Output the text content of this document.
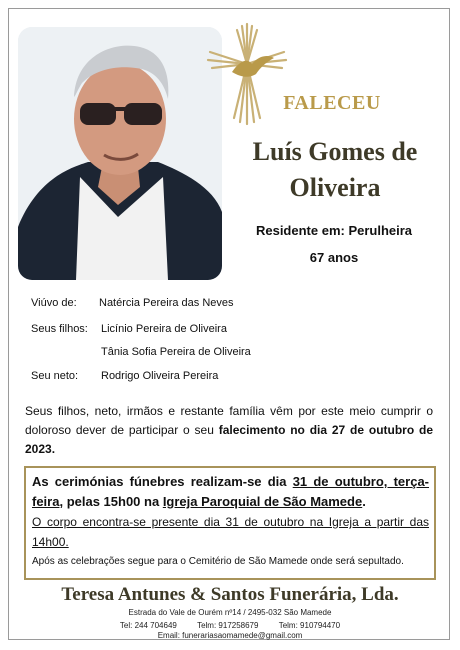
FALECEU
Luís Gomes de
Oliveira
Residente em: Perulheira
67 anos
Viúvo de: Natércia Pereira das Neves
Seus filhos: Licínio Pereira de Oliveira
Tânia Sofia Pereira de Oliveira
Seu neto: Rodrigo Oliveira Pereira
Seus filhos, neto, irmãos e restante família vêm por este meio cumprir o doloroso dever de participar o seu falecimento no dia 27 de outubro de 2023.
As cerimónias fúnebres realizam-se dia 31 de outubro, terça-feira, pelas 15h00 na Igreja Paroquial de São Mamede.
O corpo encontra-se presente dia 31 de outubro na Igreja a partir das 14h00.
Após as celebrações segue para o Cemitério de São Mamede onde será sepultado.
Teresa Antunes & Santos Funerária, Lda.
Estrada do Vale de Ourém nº14 / 2495-032 São Mamede
Tel: 244 704649	Telm: 917258679	Telm: 910794470
Email: funerariasaomamede@gmail.com
